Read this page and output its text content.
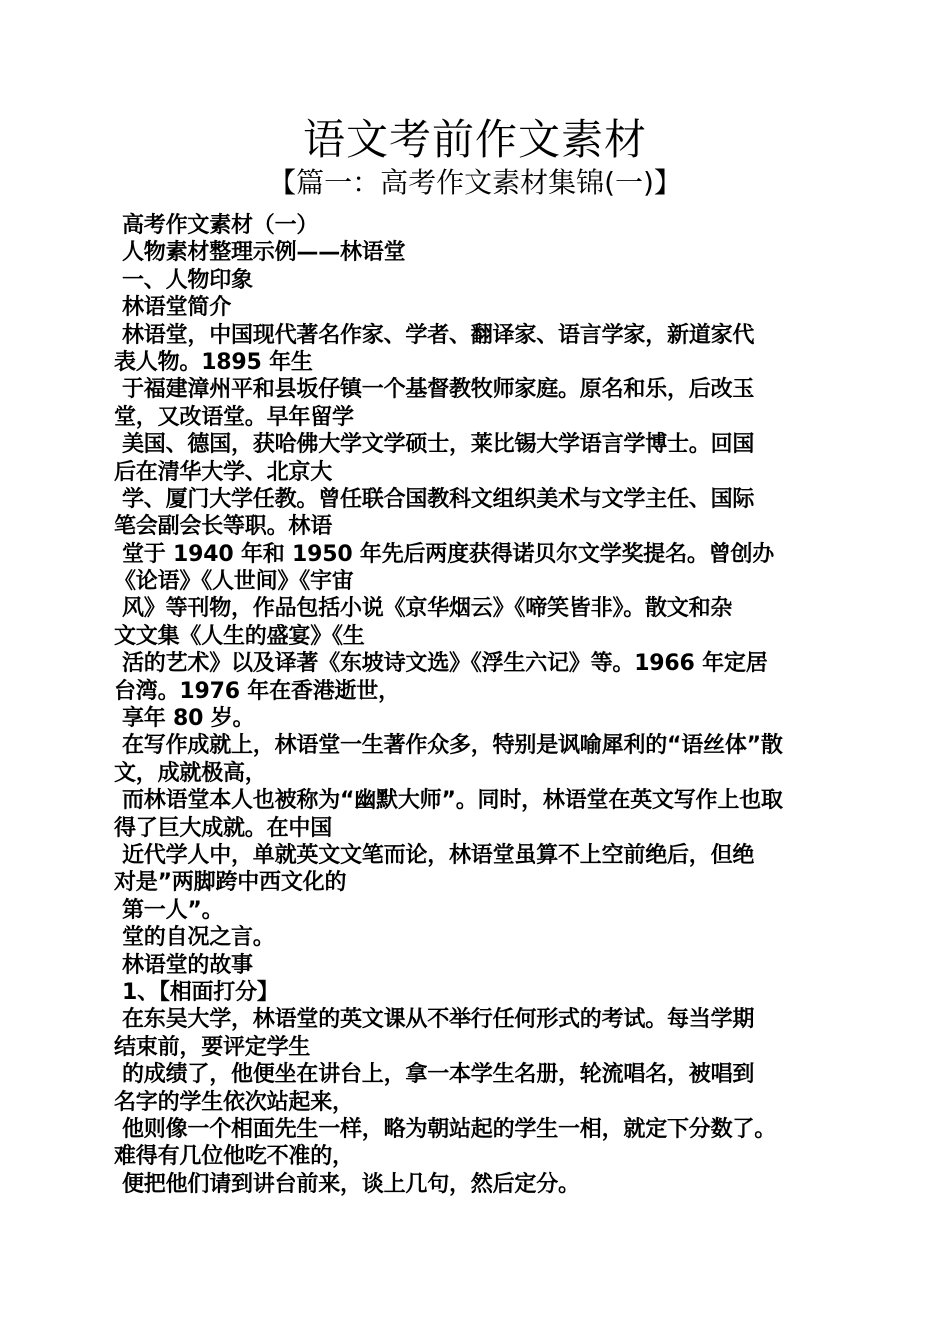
语文考前作文素材
【篇一：高考作文素材集锦(一)】
高考作文素材（一）
人物素材整理示例——林语堂
一、人物印象
林语堂简介
林语堂，中国现代著名作家、学者、翻译家、语言学家，新道家代
表人物。1895 年生
于福建漳州平和县坂仔镇一个基督教牧师家庭。原名和乐，后改玉
堂，又改语堂。早年留学
美国、德国，获哈佛大学文学硕士，莱比锡大学语言学博士。回国
后在清华大学、北京大
学、厦门大学任教。曾任联合国教科文组织美术与文学主任、国际
笔会副会长等职。林语
堂于 1940 年和 1950 年先后两度获得诺贝尔文学奖提名。曾创办
《论语》《人世间》《宇宙
风》等刊物，作品包括小说《京华烟云》《啼笑皆非》。散文和杂
文文集《人生的盛宴》《生
活的艺术》以及译著《东坡诗文选》《浮生六记》等。1966 年定居
台湾。1976 年在香港逝世，
享年 80 岁。
在写作成就上，林语堂一生著作众多，特别是讽喻犀利的“语丝体”散
文，成就极高，
而林语堂本人也被称为“幽默大师”。同时，林语堂在英文写作上也取
得了巨大成就。在中国
近代学人中，单就英文文笔而论，林语堂虽算不上空前绝后，但绝
对是”两脚跨中西文化的
第一人”。
堂的自况之言。
林语堂的故事
1、【相面打分】
在东吴大学，林语堂的英文课从不举行任何形式的考试。每当学期
结束前，要评定学生
的成绩了，他便坐在讲台上，拿一本学生名册，轮流唱名，被唱到
名字的学生依次站起来，
他则像一个相面先生一样，略为朝站起的学生一相，就定下分数了。
难得有几位他吃不准的，
便把他们请到讲台前来，谈上几句，然后定分。
